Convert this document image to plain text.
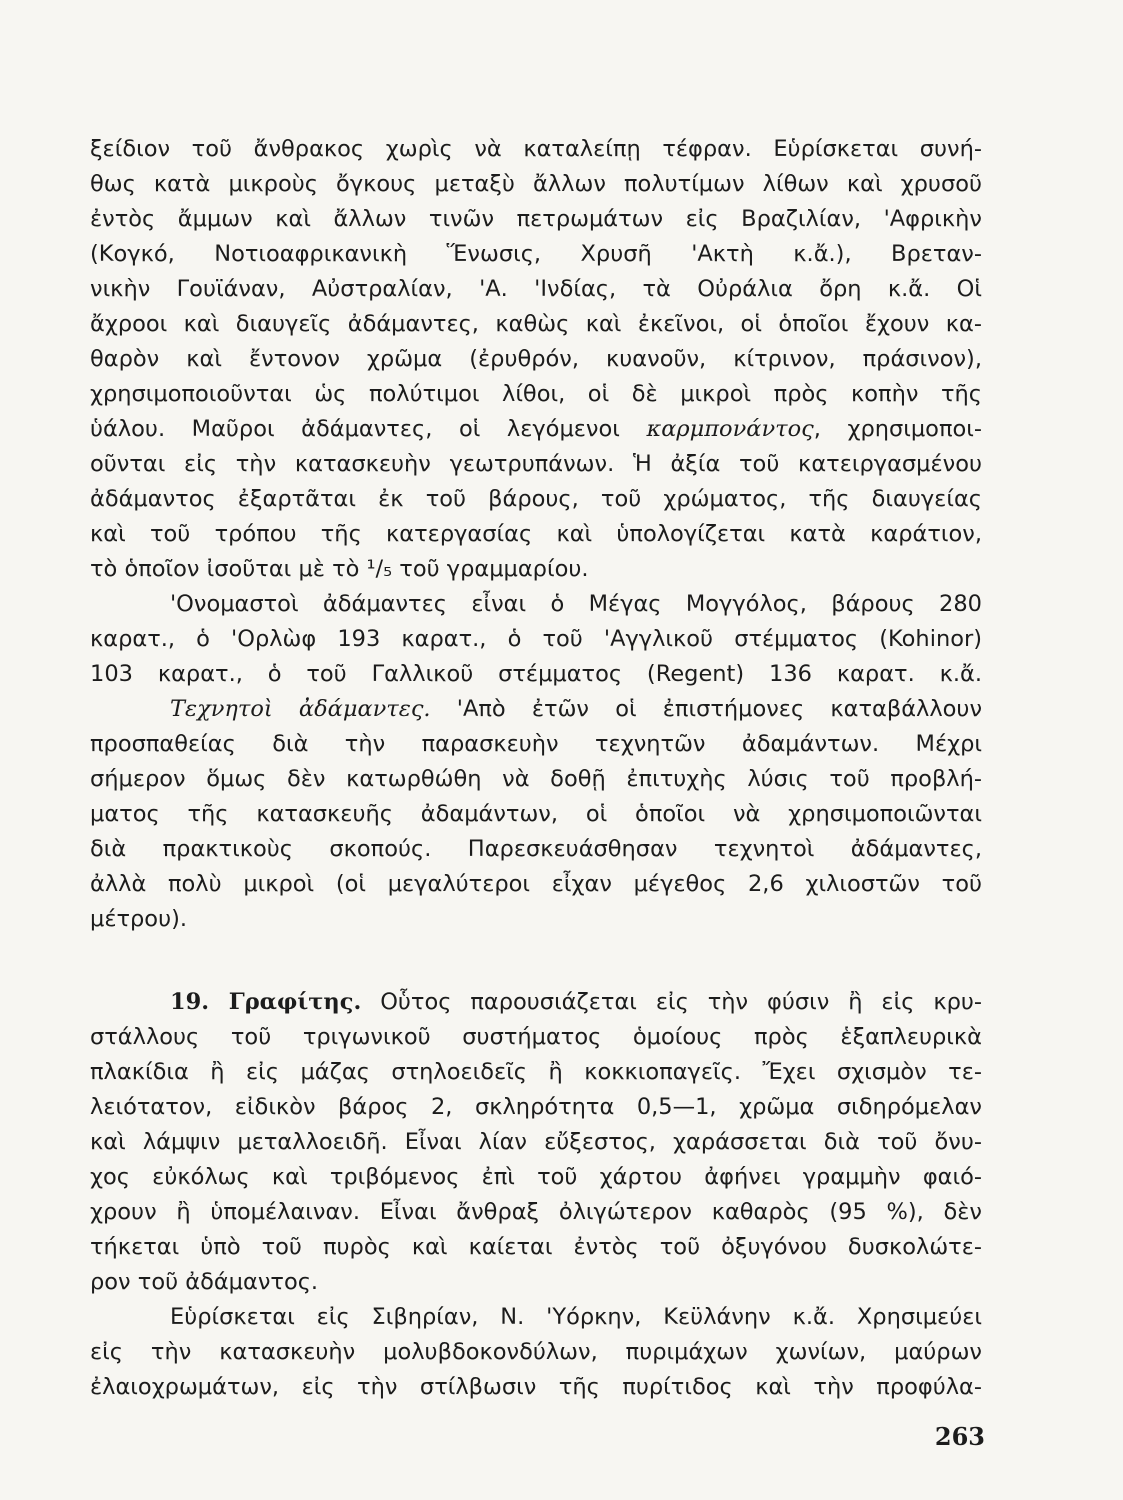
ξείδιον τοῦ ἄνθρακος χωρὶς νὰ καταλείπῃ τέφραν. Εὑρίσκεται συνή-
θως κατὰ μικροὺς ὄγκους μεταξὺ ἄλλων πολυτίμων λίθων καὶ χρυσοῦ
ἐντὸς ἄμμων καὶ ἄλλων τινῶν πετρωμάτων εἰς Βραζιλίαν, 'Αφρικὴν
(Κογκό, Νοτιοαφρικανικὴ Ἕνωσις, Χρυσῆ 'Ακτὴ κ.ἄ.), Βρεταν-
νικὴν Γουϊάναν, Αὐστραλίαν, 'Α. 'Ινδίας, τὰ Οὐράλια ὄρη κ.ἄ. Οἱ
ἄχροοι καὶ διαυγεῖς ἀδάμαντες, καθὼς καὶ ἐκεῖνοι, οἱ ὁποῖοι ἔχουν κα-
θαρὸν καὶ ἔντονον χρῶμα (ἐρυθρόν, κυανοῦν, κίτρινον, πράσινον),
χρησιμοποιοῦνται ὡς πολύτιμοι λίθοι, οἱ δὲ μικροὶ πρὸς κοπὴν τῆς
ὑάλου. Μαῦροι ἀδάμαντες, οἱ λεγόμενοι καρμπονάντος, χρησιμοποι-
οῦνται εἰς τὴν κατασκευὴν γεωτρυπάνων. Ἡ ἀξία τοῦ κατειργασμένου
ἀδάμαντος ἐξαρτᾶται ἐκ τοῦ βάρους, τοῦ χρώματος, τῆς διαυγείας
καὶ τοῦ τρόπου τῆς κατεργασίας καὶ ὑπολογίζεται κατὰ καράτιον,
τὸ ὁποῖον ἰσοῦται μὲ τὸ ¹/₅ τοῦ γραμμαρίου.
'Ονομαστοὶ ἀδάμαντες εἶναι ὁ Μέγας Μογγόλος, βάρους 280
καρατ., ὁ 'Ορλὼφ 193 καρατ., ὁ τοῦ 'Αγγλικοῦ στέμματος (Kohinor)
103 καρατ., ὁ τοῦ Γαλλικοῦ στέμματος (Regent) 136 καρατ. κ.ἄ.
Τεχνητοὶ ἀδάμαντες. 'Απὸ ἐτῶν οἱ ἐπιστήμονες καταβάλλουν
προσπαθείας διὰ τὴν παρασκευὴν τεχνητῶν ἀδαμάντων. Μέχρι
σήμερον ὅμως δὲν κατωρθώθη νὰ δοθῇ ἐπιτυχὴς λύσις τοῦ προβλή-
ματος τῆς κατασκευῆς ἀδαμάντων, οἱ ὁποῖοι νὰ χρησιμοποιῶνται
διὰ πρακτικοὺς σκοπούς. Παρεσκευάσθησαν τεχνητοὶ ἀδάμαντες,
ἀλλὰ πολὺ μικροὶ (οἱ μεγαλύτεροι εἶχαν μέγεθος 2,6 χιλιοστῶν τοῦ
μέτρου).
19. Γραφίτης. Οὗτος παρουσιάζεται εἰς τὴν φύσιν ἢ εἰς κρυ-
στάλλους τοῦ τριγωνικοῦ συστήματος ὁμοίους πρὸς ἑξαπλευρικὰ
πλακίδια ἢ εἰς μάζας στηλοειδεῖς ἢ κοκκιοπαγεῖς. Ἔχει σχισμὸν τε-
λειότατον, εἰδικὸν βάρος 2, σκληρότητα 0,5—1, χρῶμα σιδηρόμελαν
καὶ λάμψιν μεταλλοειδῆ. Εἶναι λίαν εὔξεστος, χαράσσεται διὰ τοῦ ὄνυ-
χος εὐκόλως καὶ τριβόμενος ἐπὶ τοῦ χάρτου ἀφήνει γραμμὴν φαιό-
χρουν ἢ ὑπομέλαιναν. Εἶναι ἄνθραξ ὀλιγώτερον καθαρὸς (95 %), δὲν
τήκεται ὑπὸ τοῦ πυρὸς καὶ καίεται ἐντὸς τοῦ ὀξυγόνου δυσκολώτε-
ρον τοῦ ἀδάμαντος.
Εὑρίσκεται εἰς Σιβηρίαν, Ν. 'Υόρκην, Κεϋλάνην κ.ἄ. Χρησιμεύει
εἰς τὴν κατασκευὴν μολυβδοκονδύλων, πυριμάχων χωνίων, μαύρων
ἐλαιοχρωμάτων, εἰς τὴν στίλβωσιν τῆς πυρίτιδος καὶ τὴν προφύλα-
263
